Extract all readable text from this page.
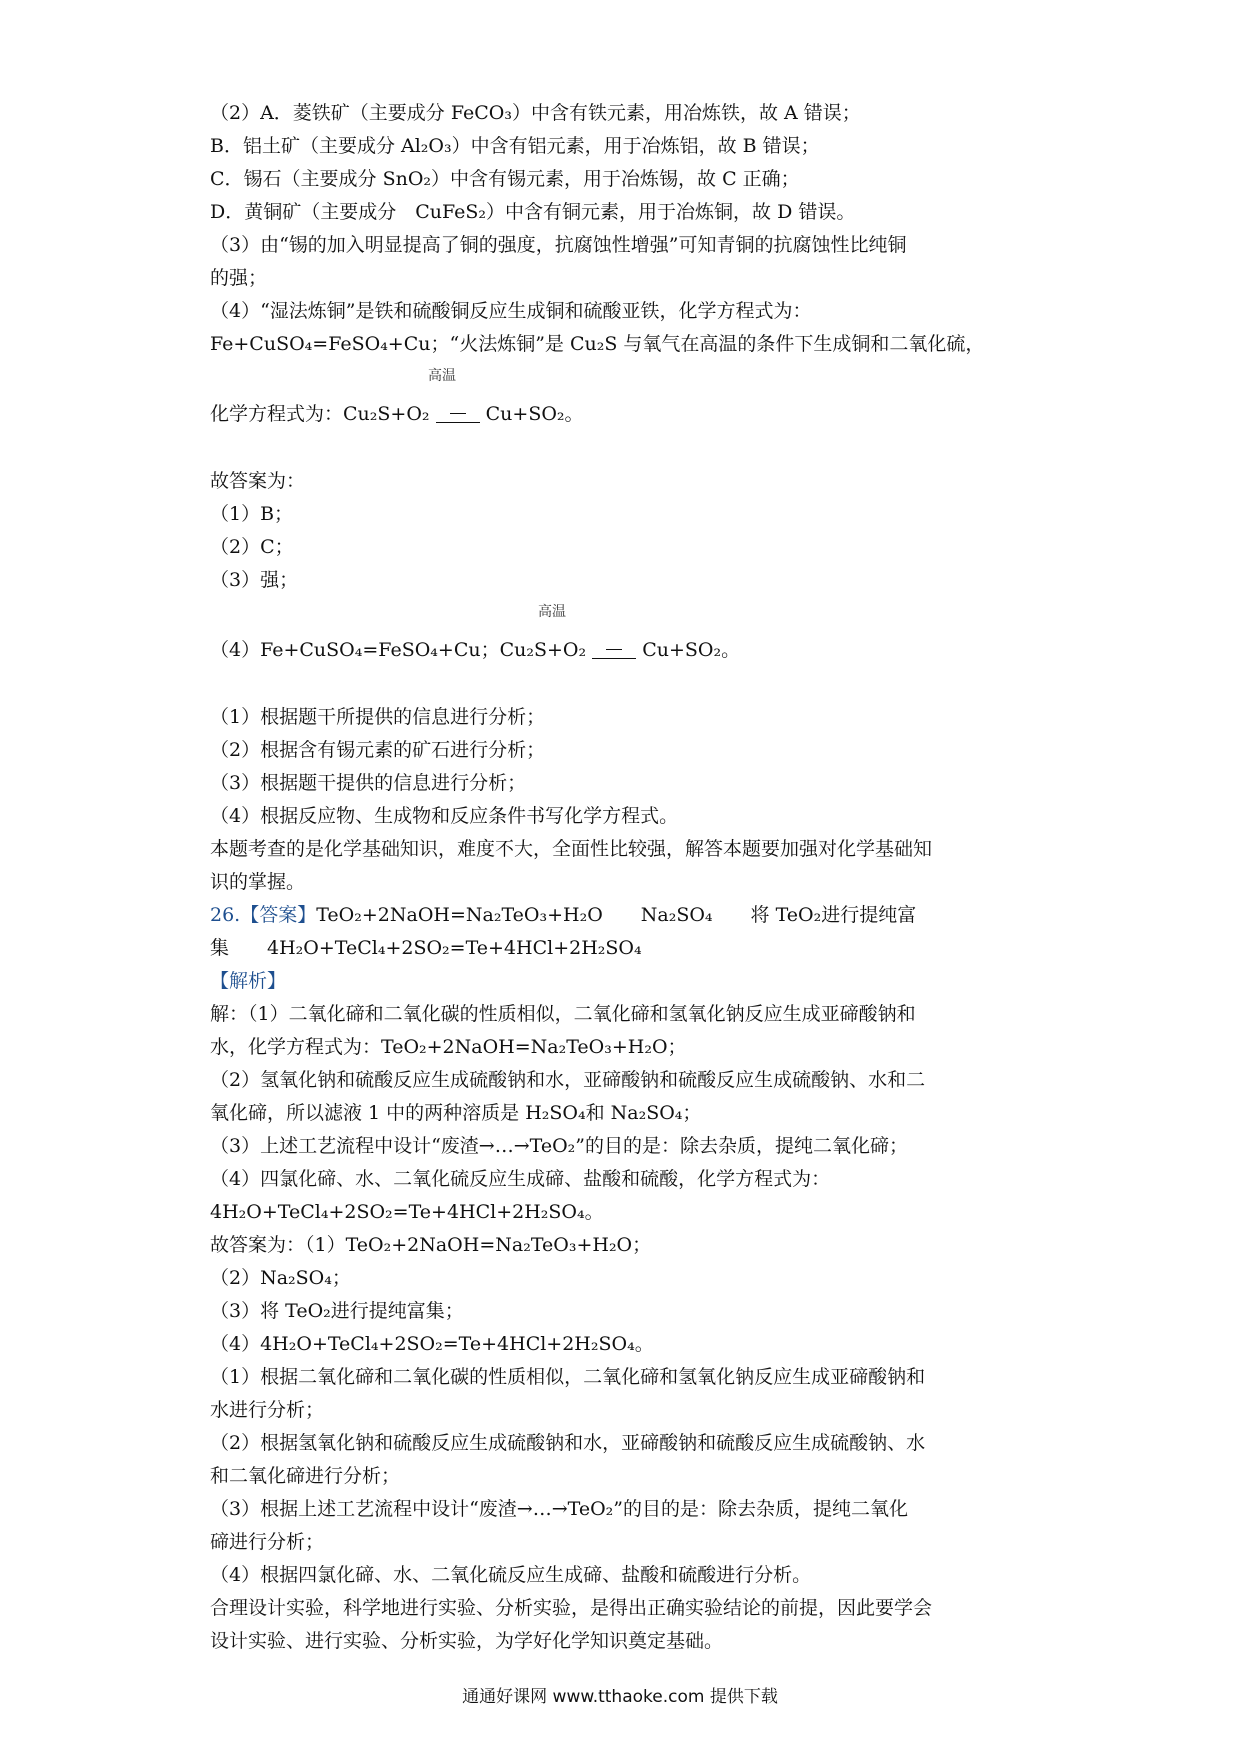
（2）A．菱铁矿（主要成分 FeCO₃）中含有铁元素，用冶炼铁，故 A 错误；
B．铝土矿（主要成分 Al₂O₃）中含有铝元素，用于冶炼铝，故 B 错误；
C．锡石（主要成分 SnO₂）中含有锡元素，用于冶炼锡，故 C 正确；
D．黄铜矿（主要成分　CuFeS₂）中含有铜元素，用于冶炼铜，故 D 错误。
（3）由“锡的加入明显提高了铜的强度，抗腐蚀性增强”可知青铜的抗腐蚀性比纯铜
的强；
（4）“湿法炼铜”是铁和硫酸铜反应生成铜和硫酸亚铁，化学方程式为：
Fe+CuSO₄=FeSO₄+Cu；“火法炼铜”是 Cu₂S 与氧气在高温的条件下生成铜和二氧化硫，
化学方程式为：Cu₂S+O₂	Cu+SO₂。
高温
故答案为：
（1）B；
（2）C；
（3）强；
（4）Fe+CuSO₄=FeSO₄+Cu；Cu₂S+O₂	Cu+SO₂。
高温
（1）根据题干所提供的信息进行分析；
（2）根据含有锡元素的矿石进行分析；
（3）根据题干提供的信息进行分析；
（4）根据反应物、生成物和反应条件书写化学方程式。
本题考查的是化学基础知识，难度不大，全面性比较强，解答本题要加强对化学基础知
识的掌握。
26.【答案】TeO₂+2NaOH=Na₂TeO₃+H₂O　　Na₂SO₄　　将 TeO₂进行提纯富
集　　4H₂O+TeCl₄+2SO₂=Te+4HCl+2H₂SO₄
【解析】
解：（1）二氧化碲和二氧化碳的性质相似，二氧化碲和氢氧化钠反应生成亚碲酸钠和
水，化学方程式为：TeO₂+2NaOH=Na₂TeO₃+H₂O；
（2）氢氧化钠和硫酸反应生成硫酸钠和水，亚碲酸钠和硫酸反应生成硫酸钠、水和二
氧化碲，所以滤液 1 中的两种溶质是 H₂SO₄和 Na₂SO₄；
（3）上述工艺流程中设计“废渣→…→TeO₂”的目的是：除去杂质，提纯二氧化碲；
（4）四氯化碲、水、二氧化硫反应生成碲、盐酸和硫酸，化学方程式为：
4H₂O+TeCl₄+2SO₂=Te+4HCl+2H₂SO₄。
故答案为：（1）TeO₂+2NaOH=Na₂TeO₃+H₂O；
（2）Na₂SO₄；
（3）将 TeO₂进行提纯富集；
（4）4H₂O+TeCl₄+2SO₂=Te+4HCl+2H₂SO₄。
（1）根据二氧化碲和二氧化碳的性质相似，二氧化碲和氢氧化钠反应生成亚碲酸钠和
水进行分析；
（2）根据氢氧化钠和硫酸反应生成硫酸钠和水，亚碲酸钠和硫酸反应生成硫酸钠、水
和二氧化碲进行分析；
（3）根据上述工艺流程中设计“废渣→…→TeO₂”的目的是：除去杂质，提纯二氧化
碲进行分析；
（4）根据四氯化碲、水、二氧化硫反应生成碲、盐酸和硫酸进行分析。
合理设计实验，科学地进行实验、分析实验，是得出正确实验结论的前提，因此要学会
设计实验、进行实验、分析实验，为学好化学知识奠定基础。
通通好课网 www.tthaoke.com 提供下载
